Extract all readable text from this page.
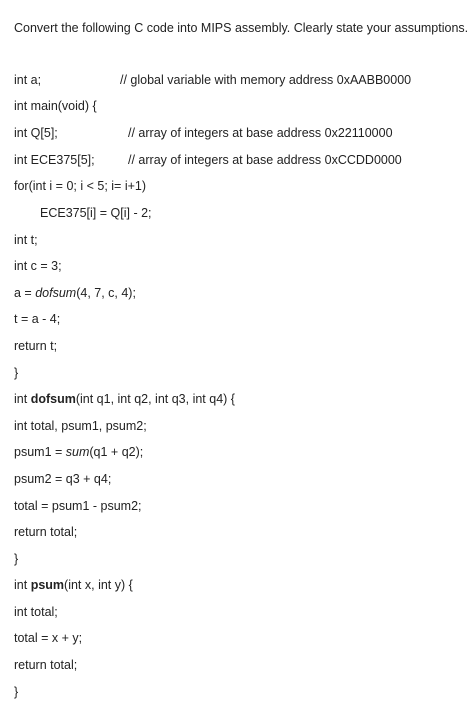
Convert the following C code into MIPS assembly. Clearly state your assumptions.
int a;	// global variable with memory address 0xAABB0000
int main(void) {
int Q[5];	// array of integers at base address 0x22110000
int ECE375[5];	// array of integers at base address 0xCCDD0000
for(int i = 0; i < 5; i= i+1)
ECE375[i] = Q[i] - 2;
int t;
int c = 3;
a = dofsum(4, 7, c, 4);
t = a - 4;
return t;
}
int dofsum(int q1, int q2, int q3, int q4) {
int total, psum1, psum2;
psum1 = sum(q1 + q2);
psum2 = q3 + q4;
total = psum1 - psum2;
return total;
}
int psum(int x, int y) {
int total;
total = x + y;
return total;
}
